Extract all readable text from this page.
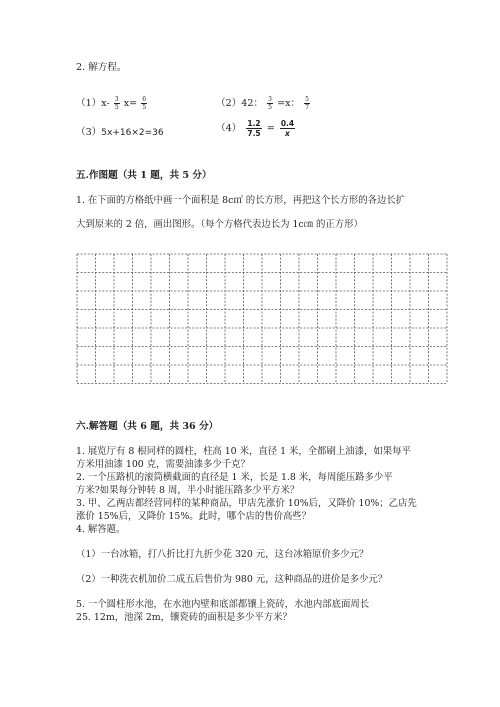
2. 解方程。
$(1)x- \frac{3}{5} x= \frac{6}{5}$	（2）42： $\frac{3}{5} =x$： $\frac{5}{7}$
（3）5x+16×2=36	$(4) \frac{1.2}{7.5} = \frac{0.4}{x}$
五.作图题（共 1 题，共 5 分）
1. 在下面的方格纸中画一个面积是 8c㎡ 的长方形，再把这个长方形的各边长扩
大到原来的 2 倍，画出图形。（每个方格代表边长为 1c㎝ 的正方形）
六.解答题（共 6 题，共 36 分）
1. 展览厅有 8 根同样的圆柱，柱高 10 米，直径 1 米，全都刷上油漆，如果每平
方米用油漆 100 克，需要油漆多少千克？
2. 一个压路机的滚筒横截面的直径是 1 米，长是 1.8 米，每周能压路多少平
方米?如果每分钟转 8 周，半小时能压路多少平方米？
3. 甲、乙两店都经营同样的某种商品，甲店先涨价 10%后，又降价 10%；乙店先
涨价 15%后，又降价 15%。此时，哪个店的售价高些？
4. 解答题。
（1）一台冰箱，打八折比打九折少花 320 元，这台冰箱原价多少元？
（2）一种洗衣机加价二成五后售价为 980 元，这种商品的进价是多少元？
5. 一个圆柱形水池，在水池内壁和底部都镶上瓷砖，水池内部底面周长
25. 12m，池深 2m，镶瓷砖的面积是多少平方米？
